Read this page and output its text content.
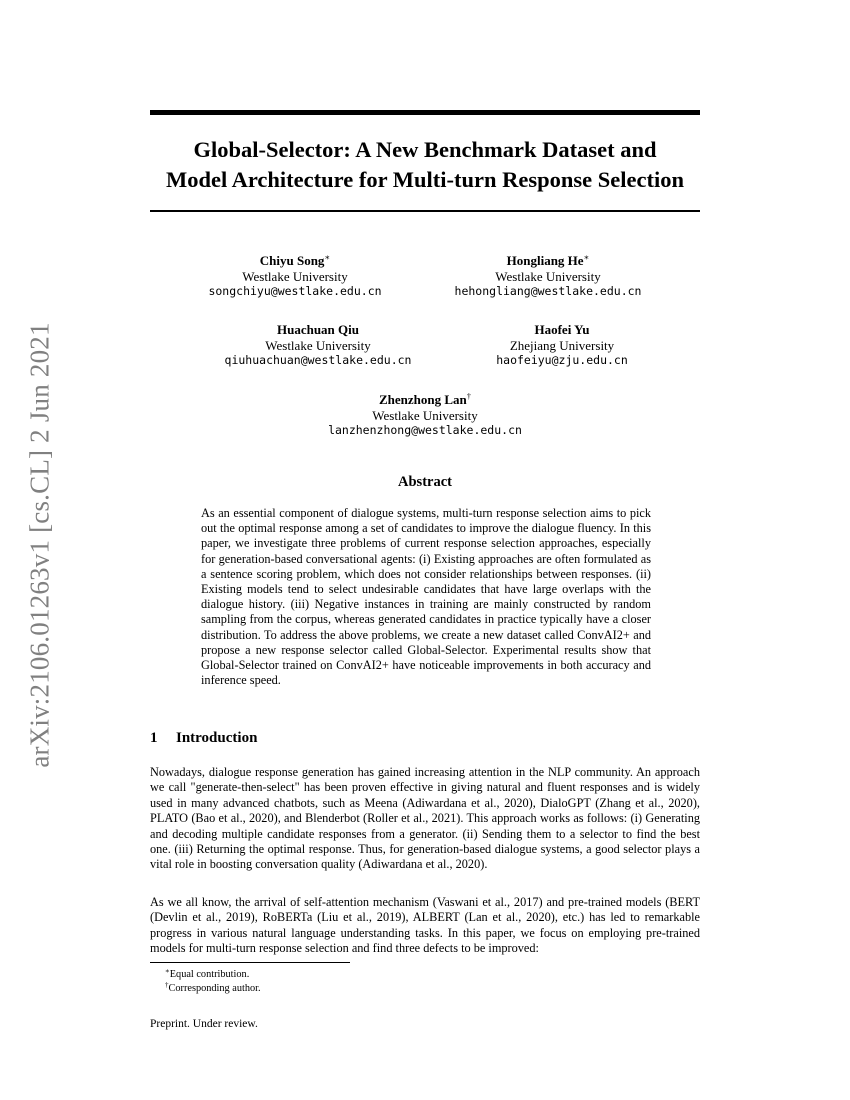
arXiv:2106.01263v1 [cs.CL] 2 Jun 2021
Global-Selector: A New Benchmark Dataset and
Model Architecture for Multi-turn Response Selection
Chiyu Song∗
Westlake University
songchiyu@westlake.edu.cn
Hongliang He∗
Westlake University
hehongliang@westlake.edu.cn
Huachuan Qiu
Westlake University
qiuhuachuan@westlake.edu.cn
Haofei Yu
Zhejiang University
haofeiyu@zju.edu.cn
Zhenzhong Lan†
Westlake University
lanzhenzhong@westlake.edu.cn
Abstract

As an essential component of dialogue systems, multi-turn response selection aims to pick out the optimal response among a set of candidates to improve the dialogue fluency. In this paper, we investigate three problems of current response selection approaches, especially for generation-based conversational agents: (i) Existing approaches are often formulated as a sentence scoring problem, which does not consider relationships between responses. (ii) Existing models tend to select undesirable candidates that have large overlaps with the dialogue history. (iii) Negative instances in training are mainly constructed by random sampling from the corpus, whereas generated candidates in practice typically have a closer distribution. To address the above problems, we create a new dataset called ConvAI2+ and propose a new response selector called Global-Selector. Experimental results show that Global-Selector trained on ConvAI2+ have noticeable improvements in both accuracy and inference speed.

1 Introduction

Nowadays, dialogue response generation has gained increasing attention in the NLP community. An approach we call "generate-then-select" has been proven effective in giving natural and fluent responses and is widely used in many advanced chatbots, such as Meena (Adiwardana et al., 2020), DialoGPT (Zhang et al., 2020), PLATO (Bao et al., 2020), and Blenderbot (Roller et al., 2021). This approach works as follows: (i) Generating and decoding multiple candidate responses from a generator. (ii) Sending them to a selector to find the best one. (iii) Returning the optimal response. Thus, for generation-based dialogue systems, a good selector plays a vital role in boosting conversation quality (Adiwardana et al., 2020).

As we all know, the arrival of self-attention mechanism (Vaswani et al., 2017) and pre-trained models (BERT (Devlin et al., 2019), RoBERTa (Liu et al., 2019), ALBERT (Lan et al., 2020), etc.) has led to remarkable progress in various natural language understanding tasks. In this paper, we focus on employing pre-trained models for multi-turn response selection and find three defects to be improved:

∗Equal contribution.
†Corresponding author.
Preprint. Under review.
